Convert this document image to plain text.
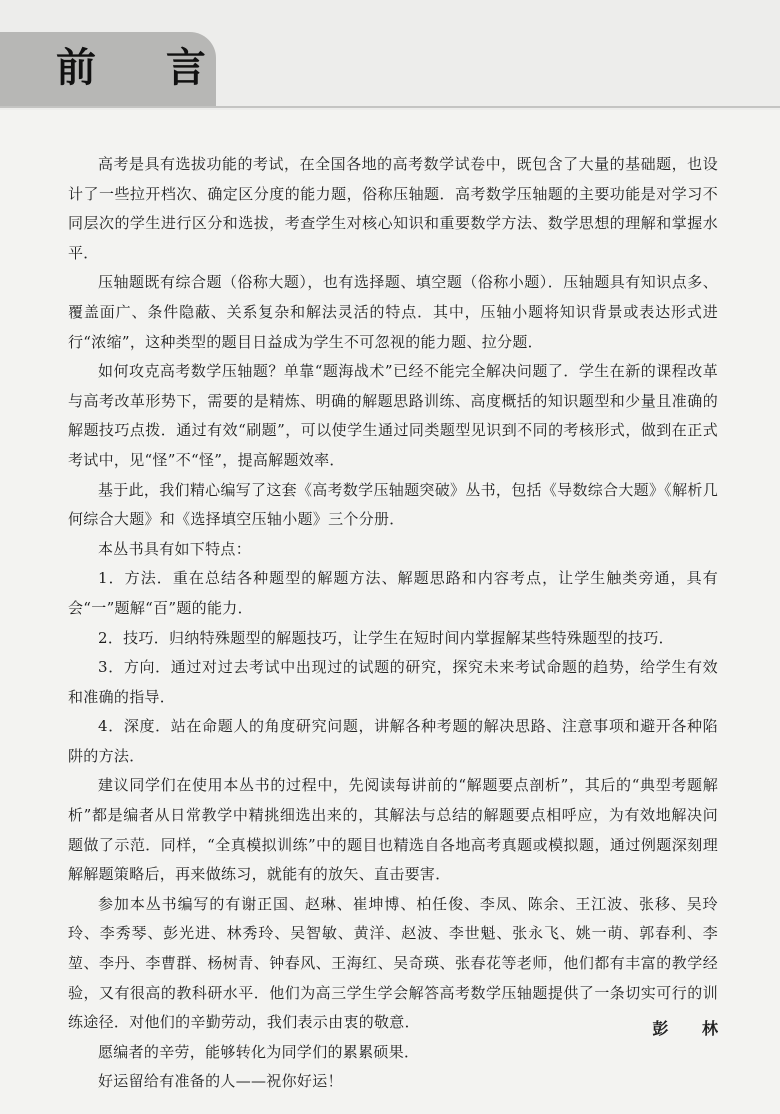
前 言

高考是具有选拔功能的考试，在全国各地的高考数学试卷中，既包含了大量的基础题，也设计了一些拉开档次、确定区分度的能力题，俗称压轴题．高考数学压轴题的主要功能是对学习不同层次的学生进行区分和选拔，考查学生对核心知识和重要数学方法、数学思想的理解和掌握水平．

压轴题既有综合题（俗称大题），也有选择题、填空题（俗称小题）．压轴题具有知识点多、覆盖面广、条件隐蔽、关系复杂和解法灵活的特点．其中，压轴小题将知识背景或表达形式进行“浓缩”，这种类型的题目日益成为学生不可忽视的能力题、拉分题．

如何攻克高考数学压轴题？单靠“题海战术”已经不能完全解决问题了．学生在新的课程改革与高考改革形势下，需要的是精炼、明确的解题思路训练、高度概括的知识题型和少量且准确的解题技巧点拨．通过有效“刷题”，可以使学生通过同类题型见识到不同的考核形式，做到在正式考试中，见“怪”不“怪”，提高解题效率．

基于此，我们精心编写了这套《高考数学压轴题突破》丛书，包括《导数综合大题》《解析几何综合大题》和《选择填空压轴小题》三个分册．

本丛书具有如下特点：

1．方法．重在总结各种题型的解题方法、解题思路和内容考点，让学生触类旁通，具有会“一”题解“百”题的能力．

2．技巧．归纳特殊题型的解题技巧，让学生在短时间内掌握解某些特殊题型的技巧．

3．方向．通过对过去考试中出现过的试题的研究，探究未来考试命题的趋势，给学生有效和准确的指导．

4．深度．站在命题人的角度研究问题，讲解各种考题的解决思路、注意事项和避开各种陷阱的方法．

建议同学们在使用本丛书的过程中，先阅读每讲前的“解题要点剖析”，其后的“典型考题解析”都是编者从日常教学中精挑细选出来的，其解法与总结的解题要点相呼应，为有效地解决问题做了示范．同样，“全真模拟训练”中的题目也精选自各地高考真题或模拟题，通过例题深刻理解解题策略后，再来做练习，就能有的放矢、直击要害．

参加本丛书编写的有谢正国、赵琳、崔坤博、柏任俊、李凤、陈余、王江波、张移、吴玲玲、李秀琴、彭光进、林秀玲、吴智敏、黄洋、赵波、李世魁、张永飞、姚一萌、郭春利、李堃、李丹、李曹群、杨树青、钟春风、王海红、吴奇瑛、张春花等老师，他们都有丰富的教学经验，又有很高的教科研水平．他们为高三学生学会解答高考数学压轴题提供了一条切实可行的训练途径．对他们的辛勤劳动，我们表示由衷的敬意．

愿编者的辛劳，能够转化为同学们的累累硕果．

好运留给有准备的人——祝你好运！

彭 林
